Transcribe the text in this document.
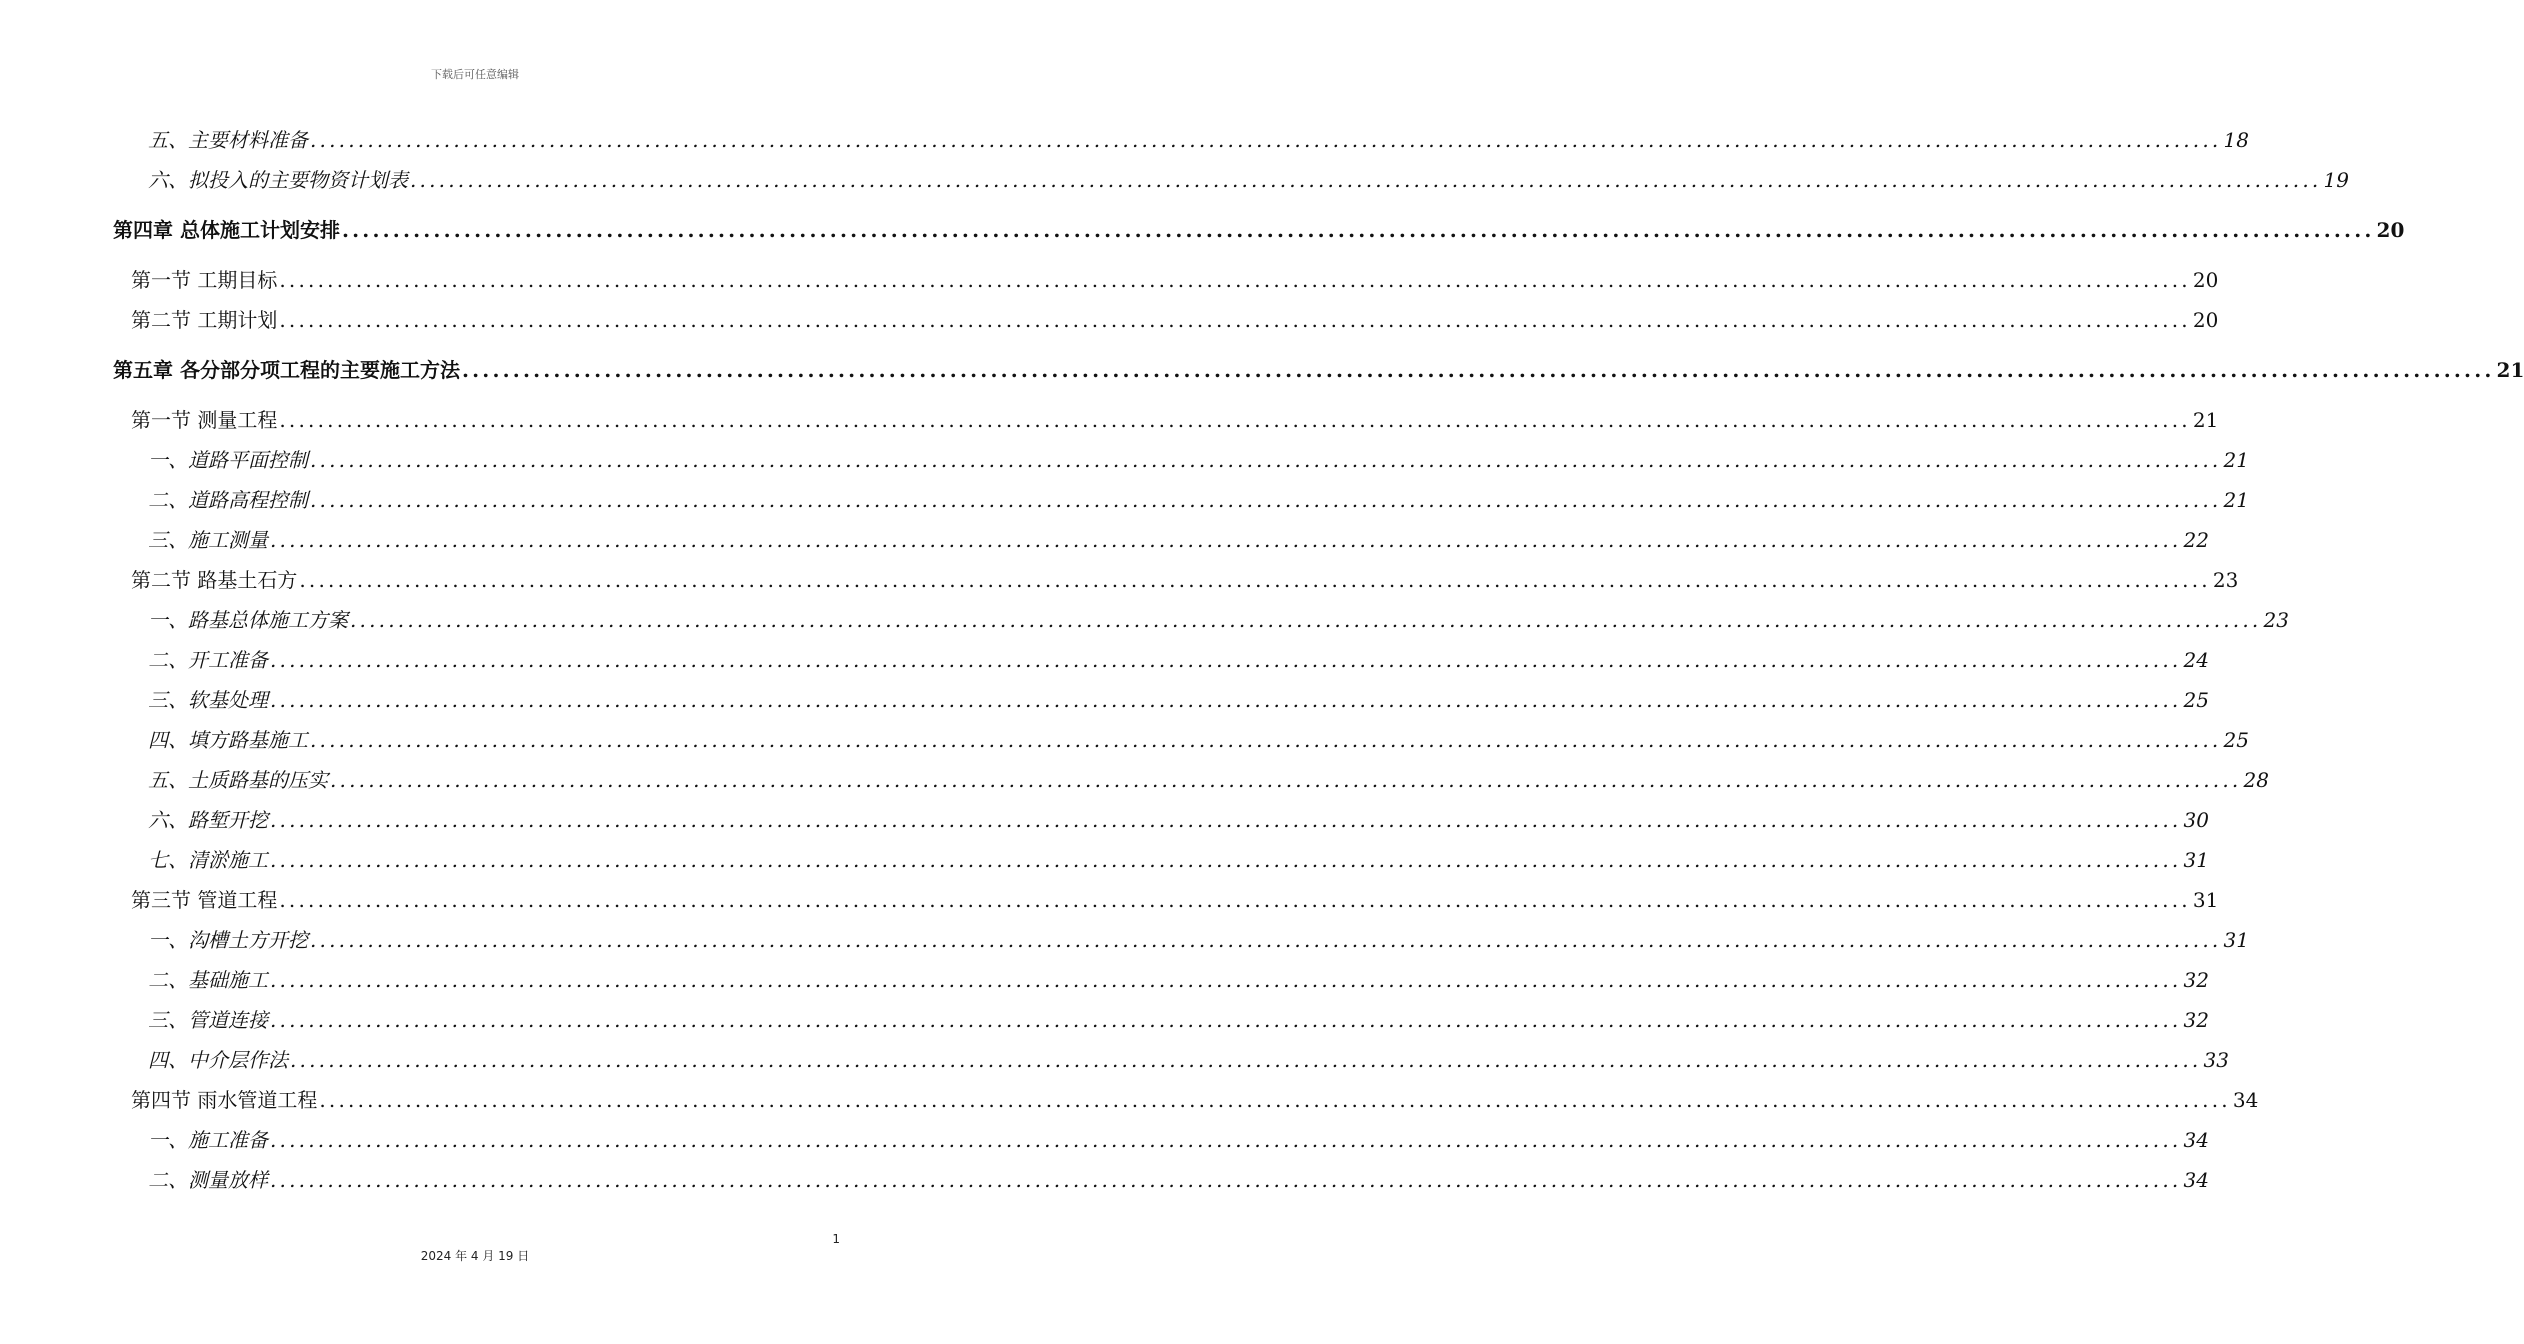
下载后可任意编辑
五、主要材料准备 ........................................................................................................................................................................................................ 18
六、拟投入的主要物资计划表 ........................................................................................................................................................................................................ 19
第四章 总体施工计划安排 ........................................................................................................................................................................................................ 20
第一节 工期目标 ........................................................................................................................................................................................................ 20
第二节 工期计划 ........................................................................................................................................................................................................ 20
第五章 各分部分项工程的主要施工方法 ........................................................................................................................................................................................................ 21
第一节 测量工程 ........................................................................................................................................................................................................ 21
一、道路平面控制 ........................................................................................................................................................................................................ 21
二、道路高程控制 ........................................................................................................................................................................................................ 21
三、施工测量 ........................................................................................................................................................................................................ 22
第二节 路基土石方 ........................................................................................................................................................................................................ 23
一、路基总体施工方案 ........................................................................................................................................................................................................ 23
二、开工准备 ........................................................................................................................................................................................................ 24
三、软基处理 ........................................................................................................................................................................................................ 25
四、填方路基施工 ........................................................................................................................................................................................................ 25
五、土质路基的压实 ........................................................................................................................................................................................................ 28
六、路堑开挖 ........................................................................................................................................................................................................ 30
七、清淤施工 ........................................................................................................................................................................................................ 31
第三节 管道工程 ........................................................................................................................................................................................................ 31
一、沟槽土方开挖 ........................................................................................................................................................................................................ 31
二、基础施工 ........................................................................................................................................................................................................ 32
三、管道连接 ........................................................................................................................................................................................................ 32
四、中介层作法 ........................................................................................................................................................................................................ 33
第四节 雨水管道工程 ........................................................................................................................................................................................................ 34
一、施工准备 ........................................................................................................................................................................................................ 34
二、测量放样 ........................................................................................................................................................................................................ 34
1
2024 年 4 月 19 日
